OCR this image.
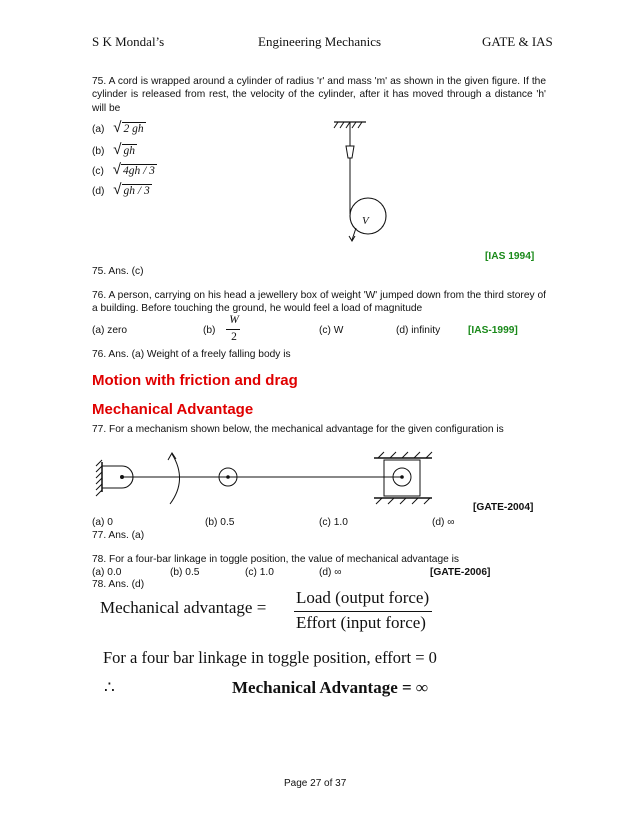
S K Mondal’s	Engineering Mechanics	GATE & IAS
75. A cord is wrapped around a cylinder of radius 'r' and mass 'm' as shown in the given figure. If the cylinder is released from rest, the velocity of the cylinder, after it has moved through a distance 'h' will be
(a) √ 2 gh
(b) √ gh
(c) √ 4gh / 3
(d) √ gh / 3
V
[IAS 1994]
75. Ans. (c)
76. A person, carrying on his head a jewellery box of weight 'W' jumped down from the third storey of a building. Before touching the ground, he would feel a load of magnitude
(a) zero	(b)
W
2
(c) W	(d) infinity	[IAS-1999]
76. Ans. (a) Weight of a freely falling body is
Motion with friction and drag
Mechanical Advantage
77. For a mechanism shown below, the mechanical advantage for the given configuration is
[GATE-2004]
(a) 0	(b) 0.5	(c) 1.0	(d) ∞
77. Ans. (a)
78. For a four-bar linkage in toggle position, the value of mechanical advantage is
(a) 0.0	(b) 0.5	(c) 1.0	(d) ∞	[GATE-2006]
78. Ans. (d)
Mechanical advantage =
Load (output force)
Effort (input force)
For a four bar linkage in toggle position, effort = 0
∴	Mechanical Advantage = ∞
Page 27 of 37
